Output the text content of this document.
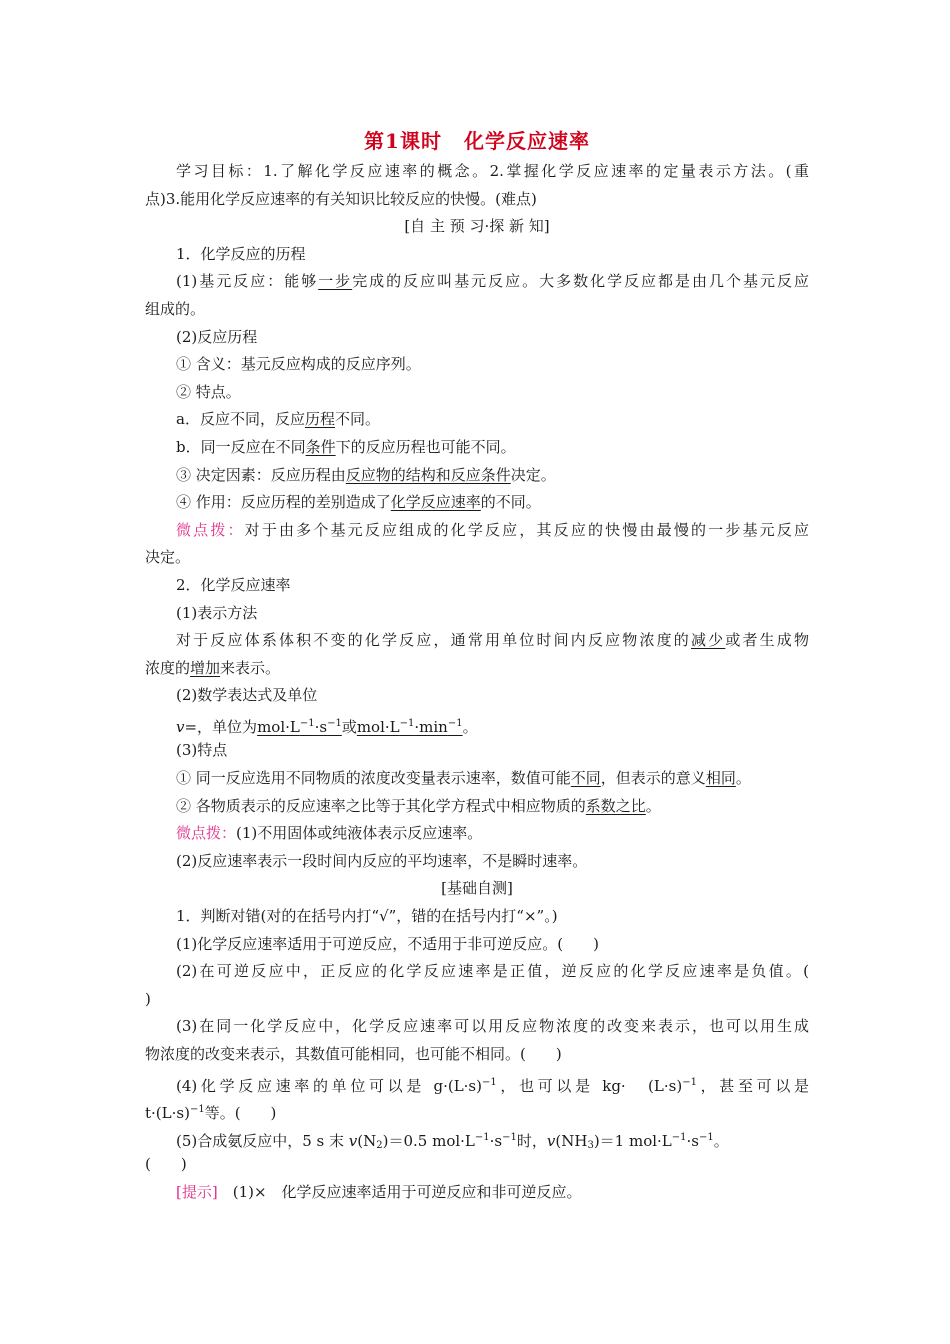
第1课时 化学反应速率
学习目标：1.了解化学反应速率的概念。2.掌握化学反应速率的定量表示方法。(重
点)3.能用化学反应速率的有关知识比较反应的快慢。(难点)
[自 主 预 习·探 新 知]
1．化学反应的历程
(1)基元反应：能够一步完成的反应叫基元反应。大多数化学反应都是由几个基元反应
组成的。
(2)反应历程
① 含义：基元反应构成的反应序列。
② 特点。
a．反应不同，反应历程不同。
b．同一反应在不同条件下的反应历程也可能不同。
③ 决定因素：反应历程由反应物的结构和反应条件决定。
④ 作用：反应历程的差别造成了化学反应速率的不同。
微点拨：对于由多个基元反应组成的化学反应，其反应的快慢由最慢的一步基元反应
决定。
2．化学反应速率
(1)表示方法
对于反应体系体积不变的化学反应，通常用单位时间内反应物浓度的减少或者生成物
浓度的增加来表示。
(2)数学表达式及单位
v=，单位为$mol\cdot L^{-1}\cdot s^{-1}$或$mol\cdot L^{-1}\cdot\min^{-1}$。
(3)特点
① 同一反应选用不同物质的浓度改变量表示速率，数值可能不同，但表示的意义相同。
② 各物质表示的反应速率之比等于其化学方程式中相应物质的系数之比。
微点拨：(1)不用固体或纯液体表示反应速率。
(2)反应速率表示一段时间内反应的平均速率，不是瞬时速率。
[基础自测]
1．判断对错(对的在括号内打“√”，错的在括号内打“×”。)
(1)化学反应速率适用于可逆反应，不适用于非可逆反应。(　　)
(2)在可逆反应中，正反应的化学反应速率是正值，逆反应的化学反应速率是负值。(
)
(3)在同一化学反应中，化学反应速率可以用反应物浓度的改变来表示，也可以用生成
物浓度的改变来表示，其数值可能相同，也可能不相同。(　　)
(4)化学反应速率的单位可以是 $g\cdot(L\cdot s)^{-1}$，也可以是 kg·　$(L\cdot s)^{-1}$，甚至可以是
$t\cdot(L\cdot s)^{-1}$等。(　　)
(5)合成氨反应中，5 s 末 $v(N_2)=0.5$ $mol\cdot L^{-1}\cdot s^{-1}$时，$v(NH_3)=1$ $mol\cdot L^{-1}\cdot s^{-1}$。
(　　)
[提示]　(1)×　化学反应速率适用于可逆反应和非可逆反应。
